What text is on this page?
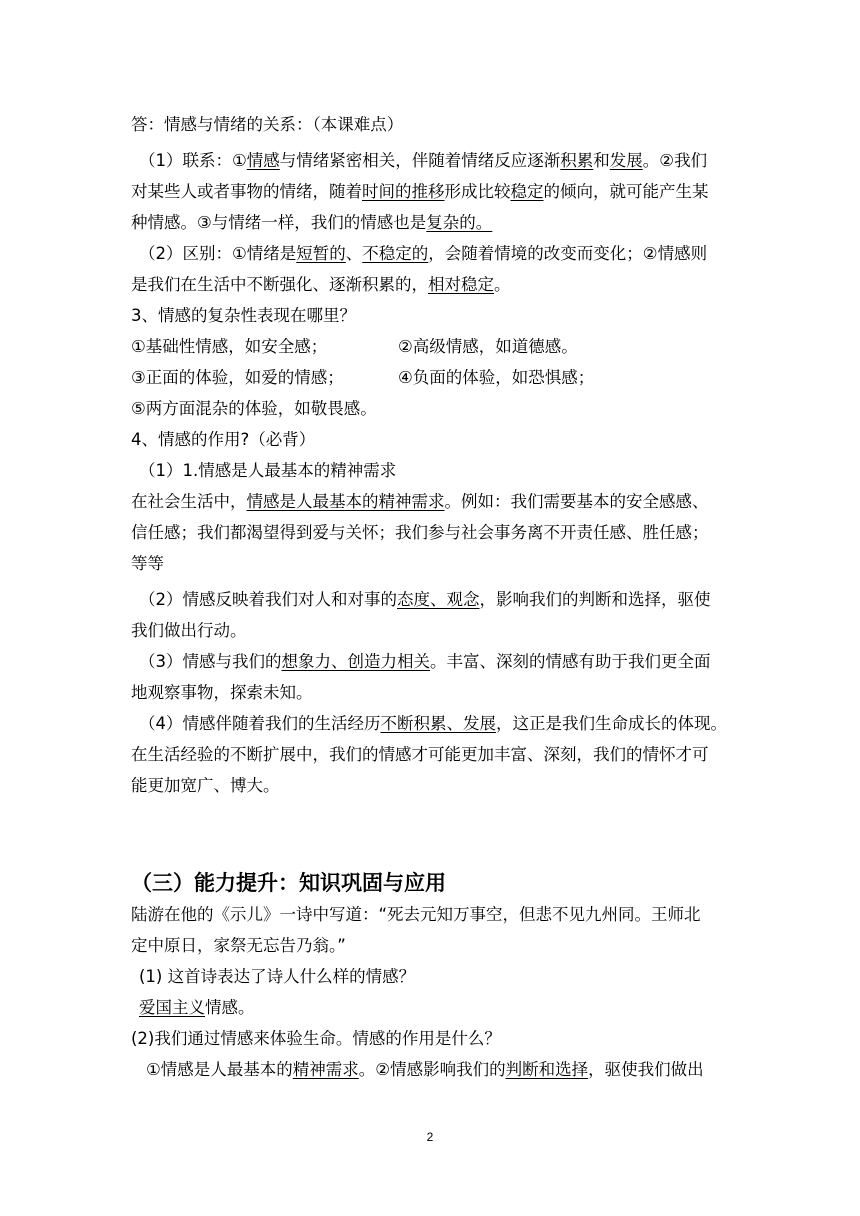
答：情感与情绪的关系：（本课难点）
（1）联系：①情感与情绪紧密相关，伴随着情绪反应逐渐积累和发展。②我们
对某些人或者事物的情绪，随着时间的推移形成比较稳定的倾向，就可能产生某
种情感。③与情绪一样，我们的情感也是复杂的。
（2）区别：①情绪是短暂的、不稳定的，会随着情境的改变而变化；②情感则
是我们在生活中不断强化、逐渐积累的，相对稳定。
3、情感的复杂性表现在哪里？
①基础性情感，如安全感；	②高级情感，如道德感。
③正面的体验，如爱的情感；	④负面的体验，如恐惧感；
⑤两方面混杂的体验，如敬畏感。
4、情感的作用?（必背）
（1）1.情感是人最基本的精神需求
在社会生活中，情感是人最基本的精神需求。例如：我们需要基本的安全感感、
信任感；我们都渴望得到爱与关怀；我们参与社会事务离不开责任感、胜任感；
等等
（2）情感反映着我们对人和对事的态度、观念，影响我们的判断和选择，驱使
我们做出行动。
（3）情感与我们的想象力、创造力相关。丰富、深刻的情感有助于我们更全面
地观察事物，探索未知。
（4）情感伴随着我们的生活经历不断积累、发展，这正是我们生命成长的体现。
在生活经验的不断扩展中，我们的情感才可能更加丰富、深刻，我们的情怀才可
能更加宽广、博大。
陆游在他的《示儿》一诗中写道：“死去元知万事空，但悲不见九州同。王师北
定中原日，家祭无忘告乃翁。”
(1) 这首诗表达了诗人什么样的情感？
爱国主义情感。
(2)我们通过情感来体验生命。情感的作用是什么？
①情感是人最基本的精神需求。②情感影响我们的判断和选择，驱使我们做出
（三）能力提升：知识巩固与应用
2
